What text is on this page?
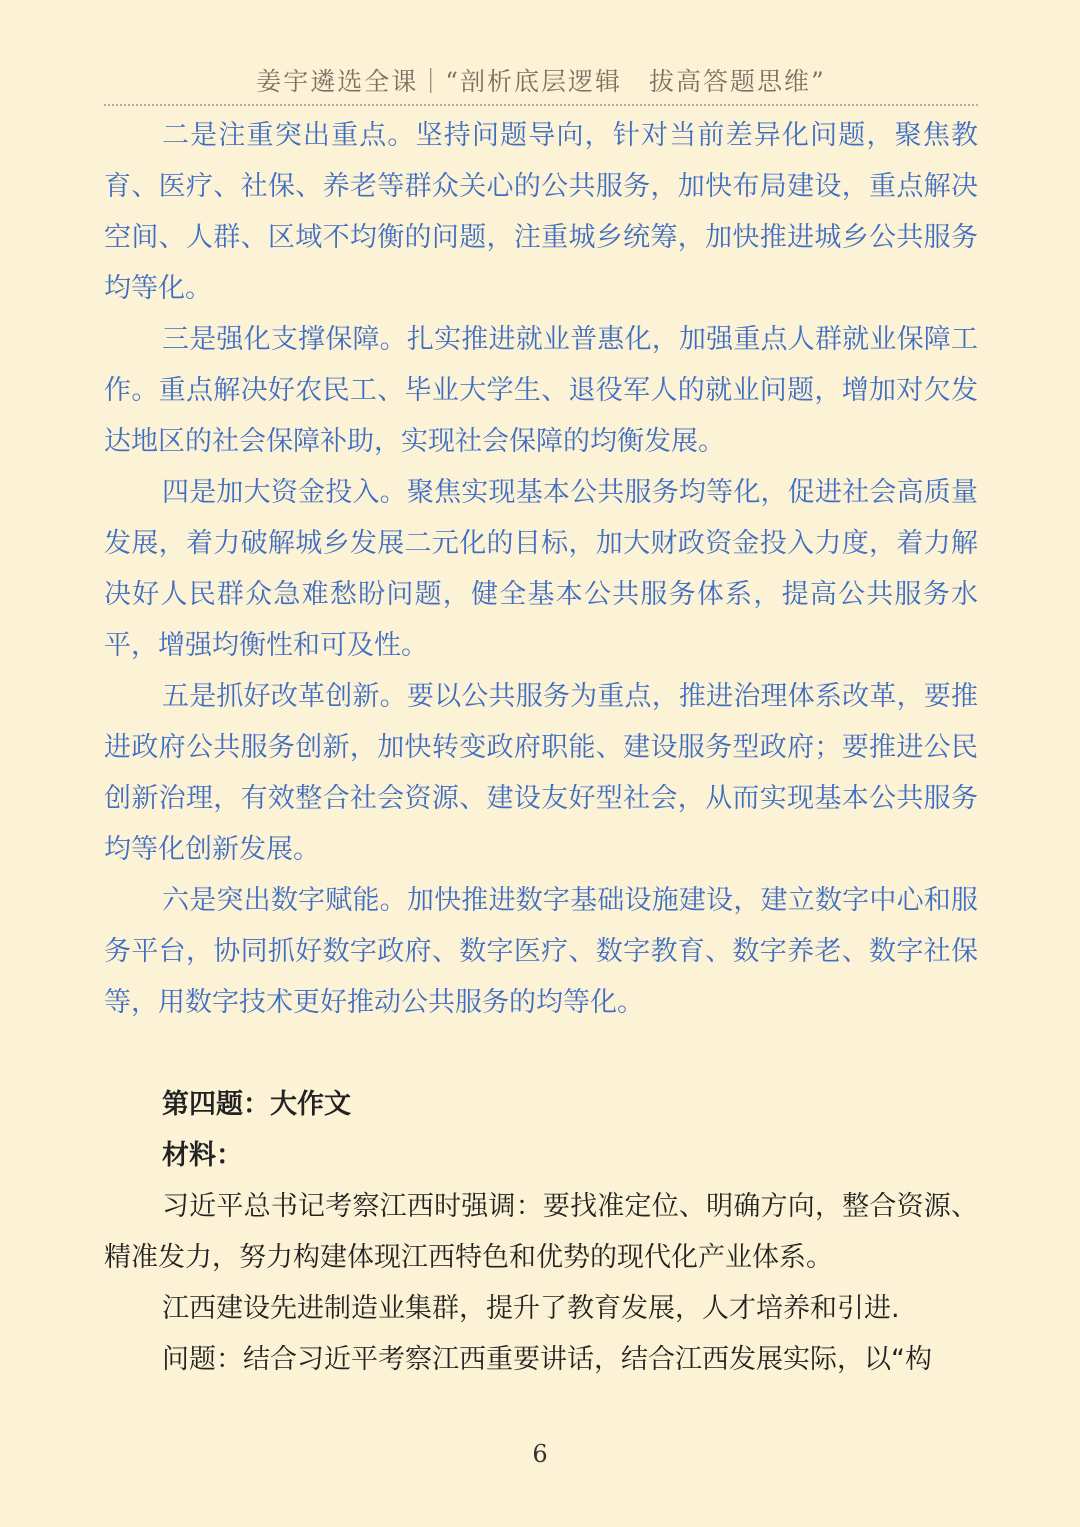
姜宇遴选全课｜“剖析底层逻辑　拔高答题思维”

二是注重突出重点。坚持问题导向，针对当前差异化问题，聚焦教育、医疗、社保、养老等群众关心的公共服务，加快布局建设，重点解决空间、人群、区域不均衡的问题，注重城乡统筹，加快推进城乡公共服务均等化。

三是强化支撑保障。扎实推进就业普惠化，加强重点人群就业保障工作。重点解决好农民工、毕业大学生、退役军人的就业问题，增加对欠发达地区的社会保障补助，实现社会保障的均衡发展。

四是加大资金投入。聚焦实现基本公共服务均等化，促进社会高质量发展，着力破解城乡发展二元化的目标，加大财政资金投入力度，着力解决好人民群众急难愁盼问题，健全基本公共服务体系，提高公共服务水平，增强均衡性和可及性。

五是抓好改革创新。要以公共服务为重点，推进治理体系改革，要推进政府公共服务创新，加快转变政府职能、建设服务型政府；要推进公民创新治理，有效整合社会资源、建设友好型社会，从而实现基本公共服务均等化创新发展。

六是突出数字赋能。加快推进数字基础设施建设，建立数字中心和服务平台，协同抓好数字政府、数字医疗、数字教育、数字养老、数字社保等，用数字技术更好推动公共服务的均等化。

第四题：大作文

材料：

习近平总书记考察江西时强调：要找准定位、明确方向，整合资源、精准发力，努力构建体现江西特色和优势的现代化产业体系。

江西建设先进制造业集群，提升了教育发展，人才培养和引进.

问题：结合习近平考察江西重要讲话，结合江西发展实际，以“构

6
